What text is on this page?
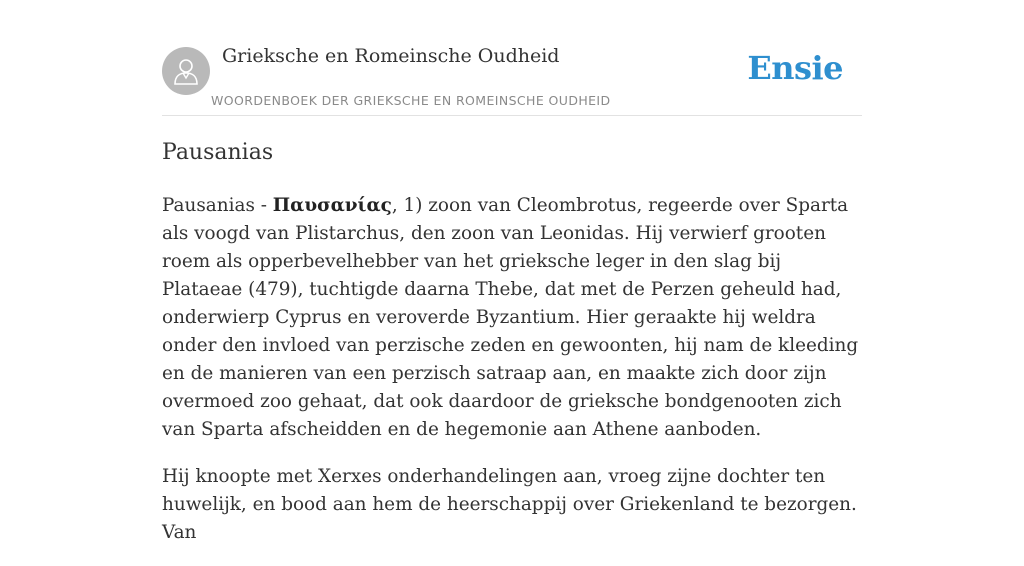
Grieksche en Romeinsche Oudheid
WOORDENBOEK DER GRIEKSCHE EN ROMEINSCHE OUDHEID
Ensie
Pausanias

Pausanias - Παυσανίας, 1) zoon van Cleombrotus, regeerde over Sparta als voogd van Plistarchus, den zoon van Leonidas. Hij verwierf grooten roem als opperbevelhebber van het grieksche leger in den slag bij Plataeae (479), tuchtigde daarna Thebe, dat met de Perzen geheuld had, onderwierp Cyprus en veroverde Byzantium. Hier geraakte hij weldra onder den invloed van perzische zeden en gewoonten, hij nam de kleeding en de manieren van een perzisch satraap aan, en maakte zich door zijn overmoed zoo gehaat, dat ook daardoor de grieksche bondgenooten zich van Sparta afscheidden en de hegemonie aan Athene aanboden.

Hij knoopte met Xerxes onderhandelingen aan, vroeg zijne dochter ten huwelijk, en bood aan hem de heerschappij over Griekenland te bezorgen. Van
